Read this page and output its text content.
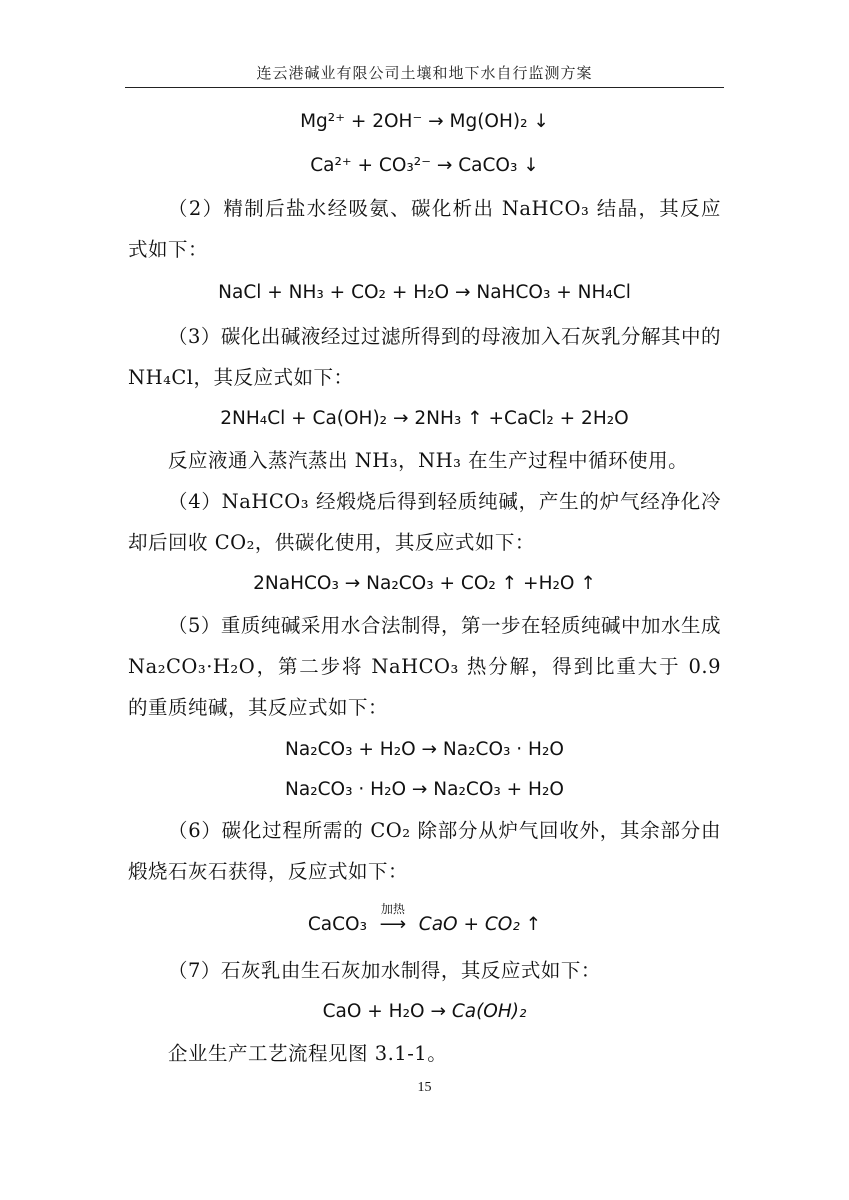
连云港碱业有限公司土壤和地下水自行监测方案
Mg²⁺ + 2OH⁻ → Mg(OH)₂ ↓
Ca²⁺ + CO₃²⁻ → CaCO₃ ↓
（2）精制后盐水经吸氨、碳化析出 NaHCO₃ 结晶，其反应式如下：
NaCl + NH₃ + CO₂ + H₂O → NaHCO₃ + NH₄Cl
（3）碳化出碱液经过过滤所得到的母液加入石灰乳分解其中的 NH₄Cl，其反应式如下：
2NH₄Cl + Ca(OH)₂ → 2NH₃ ↑ +CaCl₂ + 2H₂O
反应液通入蒸汽蒸出 NH₃，NH₃ 在生产过程中循环使用。
（4）NaHCO₃ 经煅烧后得到轻质纯碱，产生的炉气经净化冷却后回收 CO₂，供碳化使用，其反应式如下：
2NaHCO₃ → Na₂CO₃ + CO₂ ↑ +H₂O ↑
（5）重质纯碱采用水合法制得，第一步在轻质纯碱中加水生成 Na₂CO₃·H₂O，第二步将 NaHCO₃ 热分解，得到比重大于 0.9 的重质纯碱，其反应式如下：
Na₂CO₃ + H₂O → Na₂CO₃ · H₂O
Na₂CO₃ · H₂O → Na₂CO₃ + H₂O
（6）碳化过程所需的 CO₂ 除部分从炉气回收外，其余部分由煅烧石灰石获得，反应式如下：
CaCO₃
加热
⟶ CaO + CO₂ ↑
（7）石灰乳由生石灰加水制得，其反应式如下：
CaO + H₂O → Ca(OH)₂
企业生产工艺流程见图 3.1-1。
15
